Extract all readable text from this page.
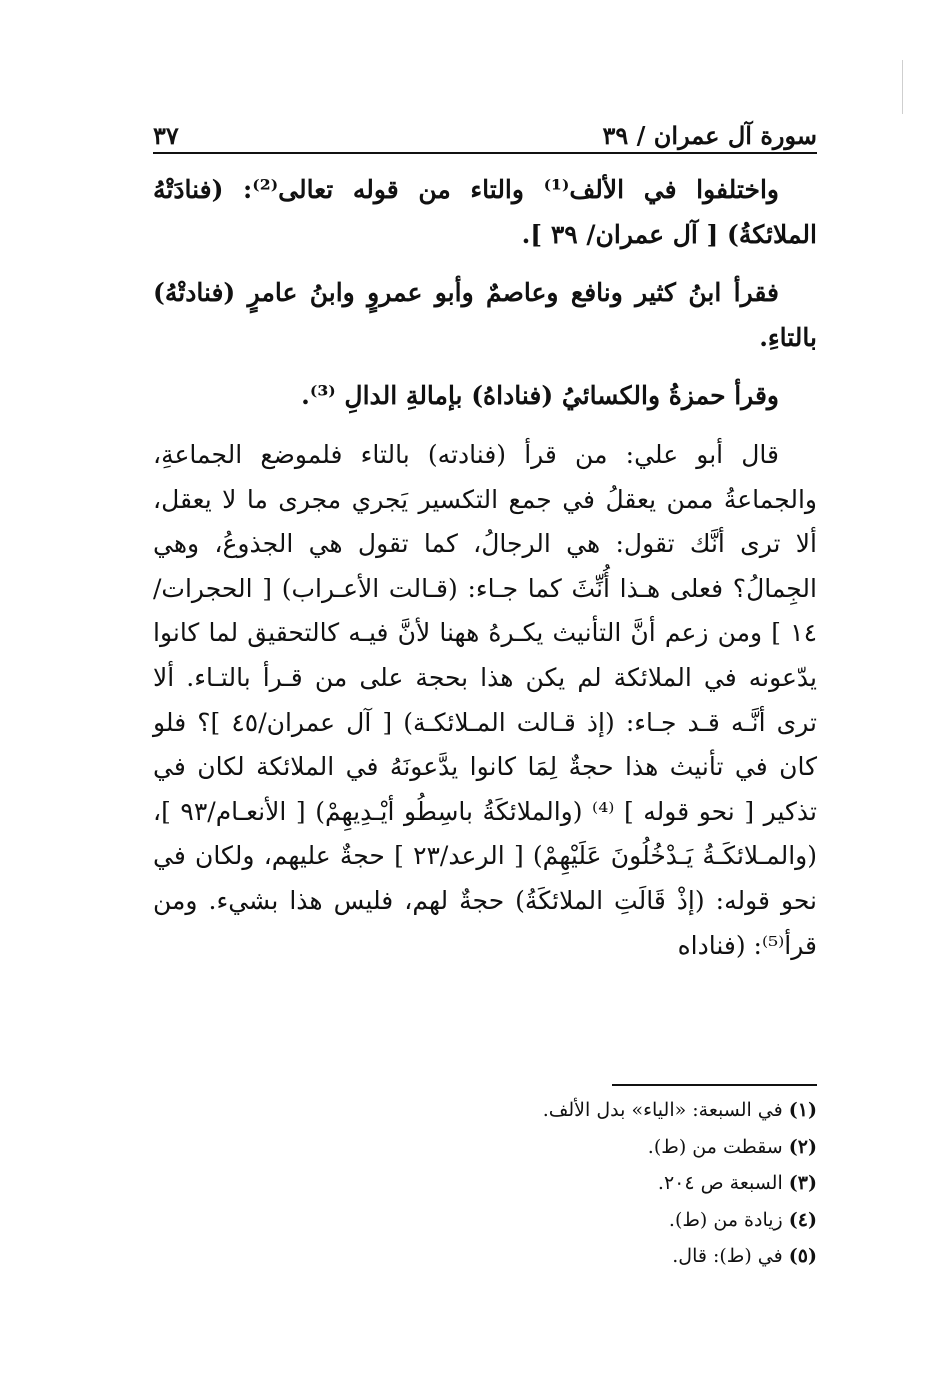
سورة آل عمران / ٣٩
٣٧

واختلفوا في الألف⁽¹⁾ والتاء من قوله تعالى⁽²⁾: (فنادَتْهُ الملائكةُ) [ آل عمران/ ٣٩ ].

فقرأ ابنُ كثير ونافع وعاصمٌ وأبو عمروٍ وابنُ عامرٍ (فنادتْهُ) بالتاءِ.

وقرأ حمزةُ والكسائيُ (فناداهُ) بإمالةِ الدالِ ⁽³⁾.

قال أبو علي: من قرأ (فنادته) بالتاء فلموضع الجماعةِ، والجماعةُ ممن يعقلُ في جمع التكسير يَجري مجرى ما لا يعقل، ألا ترى أنَّك تقول: هي الرجالُ، كما تقول هي الجذوعُ، وهي الجِمالُ؟ فعلى هـذا أُنِّثَ كما جـاء: (قـالت الأعـراب) [ الحجرات/١٤ ] ومن زعم أنَّ التأنيث يكـرهُ ههنا لأنَّ فيـه كالتحقيق لما كانوا يدّعونه في الملائكة لم يكن هذا بحجة على من قـرأ بالتـاء. ألا ترى أنَّـه قـد جـاء: (إذ قـالت المـلائكـة) [ آل عمران/٤٥ ]؟ فلو كان في تأنيث هذا حجةٌ لِمَا كانوا يدَّعونَهُ في الملائكة لكان في تذكير [ نحو قوله ] ⁽⁴⁾ (والملائكَةُ باسِطُو أيْـدِيهِمْ) [ الأنعـام/٩٣ ]، (والمـلائكَـةُ يَـدْخُلُونَ عَلَيْهِمْ) [ الرعد/٢٣ ] حجةٌ عليهم، ولكان في نحو قوله: (إذْ قَالَتِ الملائكَةُ) حجةٌ لهم، فليس هذا بشيء. ومن قرأ⁽⁵⁾: (فناداه

(١) في السبعة: «الياء» بدل الألف.

(٢) سقطت من (ط).

(٣) السبعة ص ٢٠٤.

(٤) زيادة من (ط).

(٥) في (ط): قال.
